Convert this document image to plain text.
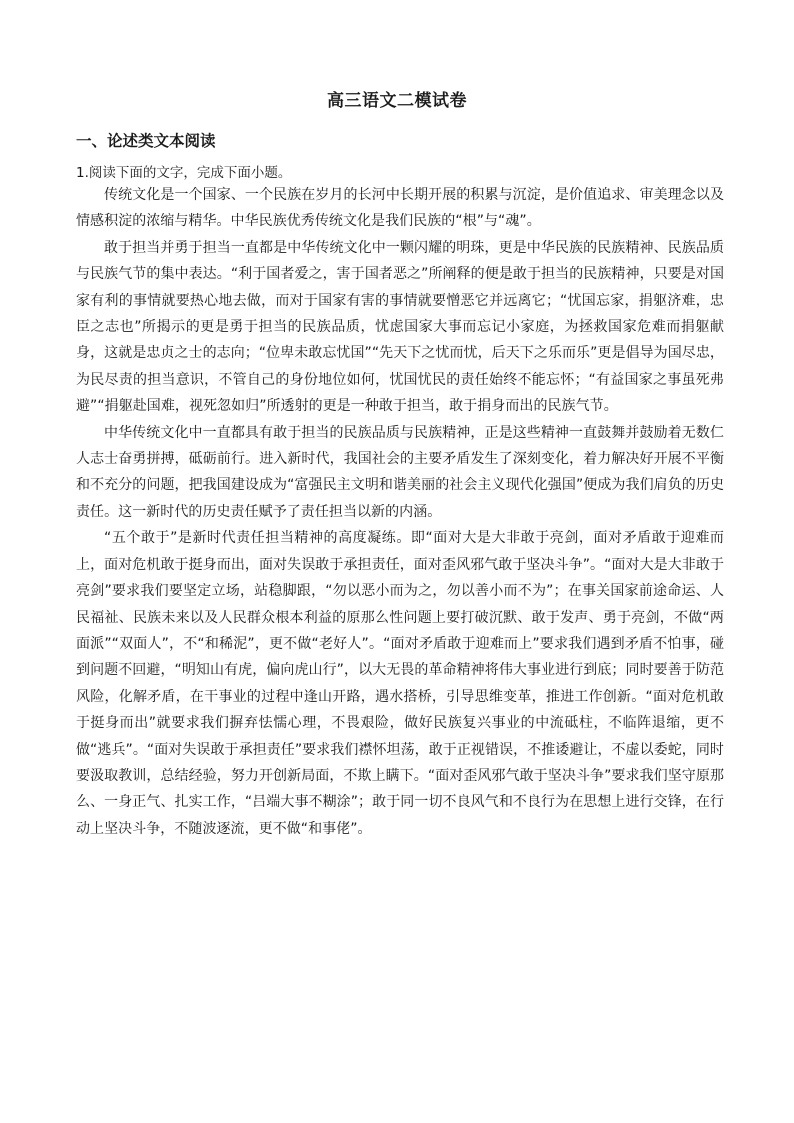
高三语文二模试卷
一、论述类文本阅读
1.阅读下面的文字，完成下面小题。

传统文化是一个国家、一个民族在岁月的长河中长期开展的积累与沉淀，是价值追求、审美理念以及情感积淀的浓缩与精华。中华民族优秀传统文化是我们民族的“根”与“魂”。

敢于担当并勇于担当一直都是中华传统文化中一颗闪耀的明珠，更是中华民族的民族精神、民族品质与民族气节的集中表达。“利于国者爱之，害于国者恶之”所阐释的便是敢于担当的民族精神，只要是对国家有利的事情就要热心地去做，而对于国家有害的事情就要憎恶它并远离它；“忧国忘家，捐躯济难，忠臣之志也”所揭示的更是勇于担当的民族品质，忧虑国家大事而忘记小家庭，为拯救国家危难而捐躯献身，这就是忠贞之士的志向；“位卑未敢忘忧国”“先天下之忧而忧，后天下之乐而乐”更是倡导为国尽忠，为民尽责的担当意识，不管自己的身份地位如何，忧国忧民的责任始终不能忘怀；“有益国家之事虽死弗避”“捐躯赴国难，视死忽如归”所透射的更是一种敢于担当，敢于捐身而出的民族气节。

中华传统文化中一直都具有敢于担当的民族品质与民族精神，正是这些精神一直鼓舞并鼓励着无数仁人志士奋勇拼搏，砥砺前行。进入新时代，我国社会的主要矛盾发生了深刻变化，着力解决好开展不平衡和不充分的问题，把我国建设成为“富强民主文明和谐美丽的社会主义现代化强国”便成为我们肩负的历史责任。这一新时代的历史责任赋予了责任担当以新的内涵。

“五个敢于”是新时代责任担当精神的高度凝练。即“面对大是大非敢于亮剑，面对矛盾敢于迎难而上，面对危机敢于挺身而出，面对失误敢于承担责任，面对歪风邪气敢于坚决斗争”。“面对大是大非敢于亮剑”要求我们要坚定立场，站稳脚跟，“勿以恶小而为之，勿以善小而不为”；在事关国家前途命运、人民福祉、民族未来以及人民群众根本利益的原那么性问题上要打破沉默、敢于发声、勇于亮剑，不做“两面派”“双面人”，不“和稀泥”，更不做“老好人”。“面对矛盾敢于迎难而上”要求我们遇到矛盾不怕事，碰到问题不回避，“明知山有虎，偏向虎山行”，以大无畏的革命精神将伟大事业进行到底；同时要善于防范风险，化解矛盾，在干事业的过程中逢山开路，遇水搭桥，引导思维变革，推进工作创新。“面对危机敢于挺身而出”就要求我们摒弃怯懦心理，不畏艰险，做好民族复兴事业的中流砥柱，不临阵退缩，更不做“逃兵”。“面对失误敢于承担责任”要求我们襟怀坦荡，敢于正视错误，不推诿避让，不虚以委蛇，同时要汲取教训，总结经验，努力开创新局面，不欺上瞒下。“面对歪风邪气敢于坚决斗争”要求我们坚守原那么、一身正气、扎实工作，“吕端大事不糊涂”；敢于同一切不良风气和不良行为在思想上进行交锋，在行动上坚决斗争，不随波逐流，更不做“和事佬”。
